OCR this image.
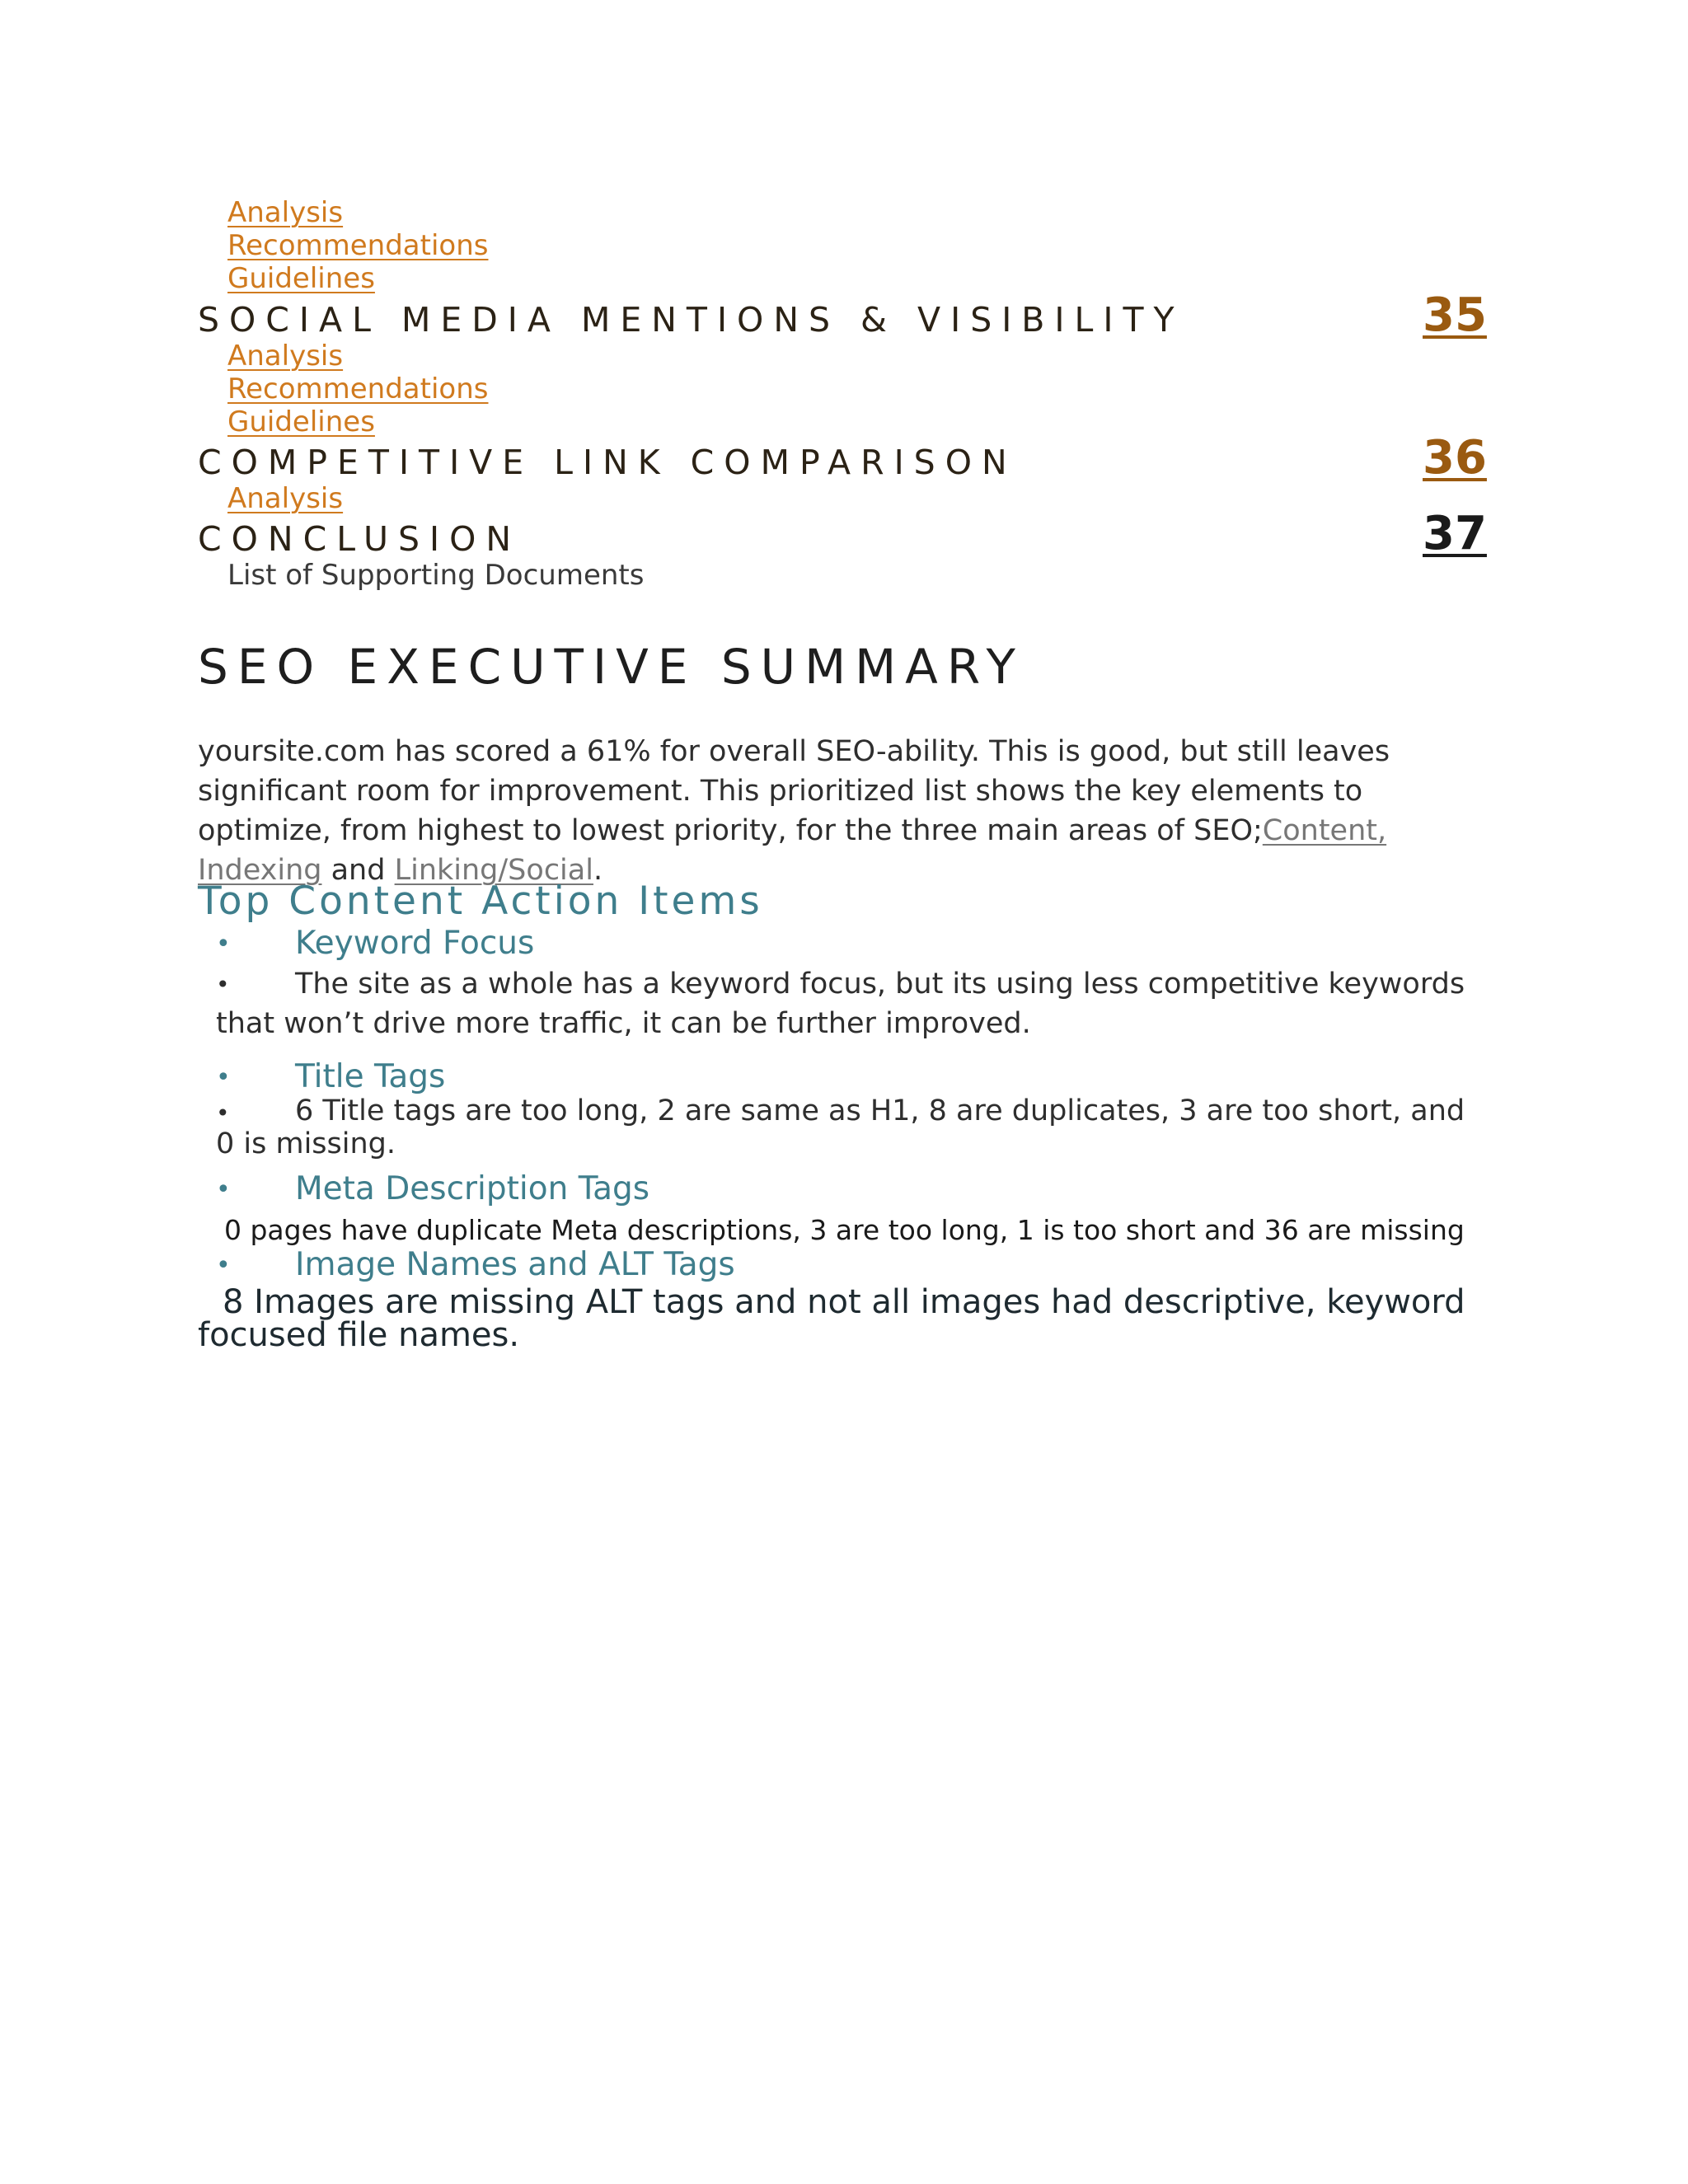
Analysis
Recommendations
Guidelines
SOCIAL MEDIA MENTIONS & VISIBILITY	35
Analysis
Recommendations
Guidelines
COMPETITIVE LINK COMPARISON	36
Analysis
CONCLUSION	37
List of Supporting Documents
SEO EXECUTIVE SUMMARY
yoursite.com has scored a 61% for overall SEO-ability. This is good, but still leaves significant room for improvement. This prioritized list shows the key elements to optimize, from highest to lowest priority, for the three main areas of SEO;Content, Indexing and Linking/Social.
Top Content Action Items
• Keyword Focus
•	The site as a whole has a keyword focus, but its using less competitive keywords that won’t drive more traffic, it can be further improved.
• Title Tags
•	6 Title tags are too long, 2 are same as H1, 8 are duplicates, 3 are too short, and 0 is missing.
• Meta Description Tags
0 pages have duplicate Meta descriptions, 3 are too long, 1 is too short and 36 are missing
• Image Names and ALT Tags
8 Images are missing ALT tags and not all images had descriptive, keyword focused file names.
